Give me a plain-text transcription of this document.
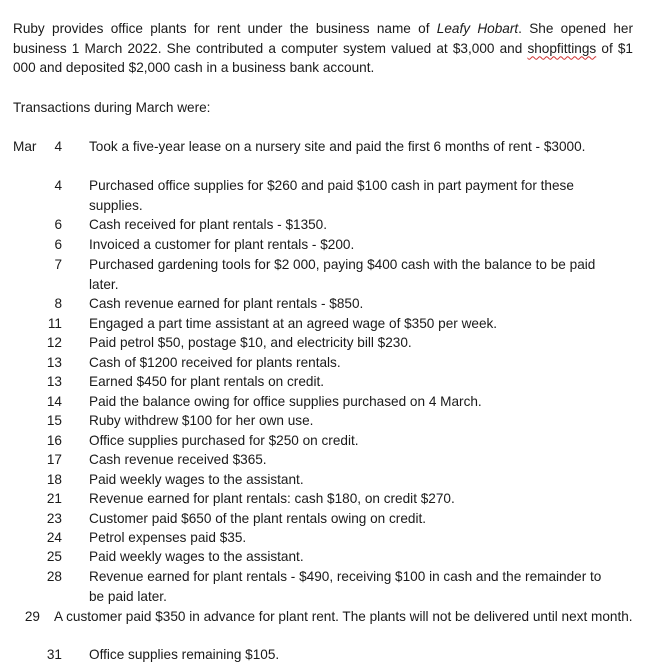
Ruby provides office plants for rent under the business name of Leafy Hobart. She opened her business 1 March 2022. She contributed a computer system valued at $3,000 and shopfittings of $1 000 and deposited $2,000 cash in a business bank account.
Transactions during March were:
Mar	4 Took a five-year lease on a nursery site and paid the first 6 months of rent - $3000.
4 Purchased office supplies for $260 and paid $100 cash in part payment for these supplies.
6 Cash received for plant rentals - $1350.
6 Invoiced a customer for plant rentals - $200.
7 Purchased gardening tools for $2 000, paying $400 cash with the balance to be paid later.
8 Cash revenue earned for plant rentals - $850.
11 Engaged a part time assistant at an agreed wage of $350 per week.
12 Paid petrol $50, postage $10, and electricity bill $230.
13 Cash of $1200 received for plants rentals.
13 Earned $450 for plant rentals on credit.
14 Paid the balance owing for office supplies purchased on 4 March.
15 Ruby withdrew $100 for her own use.
16 Office supplies purchased for $250 on credit.
17 Cash revenue received $365.
18 Paid weekly wages to the assistant.
21 Revenue earned for plant rentals: cash $180, on credit $270.
23 Customer paid $650 of the plant rentals owing on credit.
24 Petrol expenses paid $35.
25 Paid weekly wages to the assistant.
28 Revenue earned for plant rentals - $490, receiving $100 in cash and the remainder to be paid later.
29 A customer paid $350 in advance for plant rent. The plants will not be delivered until next month.
31 Office supplies remaining $105.
